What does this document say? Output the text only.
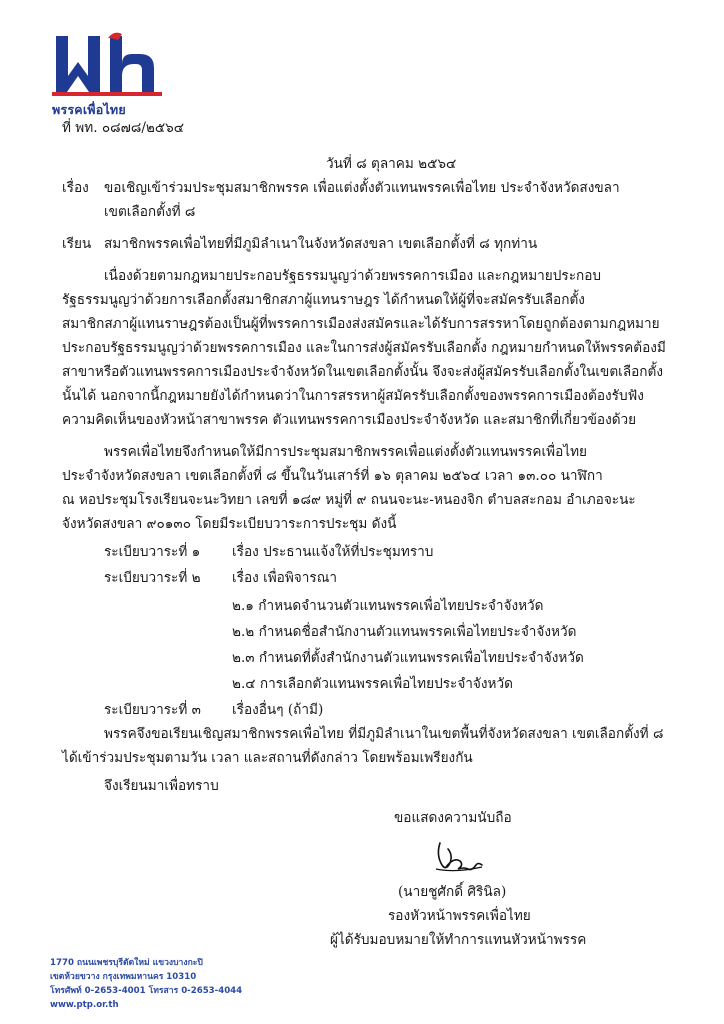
พรรคเพื่อไทย
ที่ พท. ๐๘๗๘/๒๕๖๔
วันที่ ๘ ตุลาคม ๒๕๖๔
เรื่อง ขอเชิญเข้าร่วมประชุมสมาชิกพรรค เพื่อแต่งตั้งตัวแทนพรรคเพื่อไทย ประจำจังหวัดสงขลา
เขตเลือกตั้งที่ ๘
เรียน สมาชิกพรรคเพื่อไทยที่มีภูมิลำเนาในจังหวัดสงขลา เขตเลือกตั้งที่ ๘ ทุกท่าน
เนื่องด้วยตามกฎหมายประกอบรัฐธรรมนูญว่าด้วยพรรคการเมือง และกฎหมายประกอบ
รัฐธรรมนูญว่าด้วยการเลือกตั้งสมาชิกสภาผู้แทนราษฎร ได้กำหนดให้ผู้ที่จะสมัครรับเลือกตั้ง
สมาชิกสภาผู้แทนราษฎรต้องเป็นผู้ที่พรรคการเมืองส่งสมัครและได้รับการสรรหาโดยถูกต้องตามกฎหมาย
ประกอบรัฐธรรมนูญว่าด้วยพรรคการเมือง และในการส่งผู้สมัครรับเลือกตั้ง กฎหมายกำหนดให้พรรคต้องมี
สาขาหรือตัวแทนพรรคการเมืองประจำจังหวัดในเขตเลือกตั้งนั้น จึงจะส่งผู้สมัครรับเลือกตั้งในเขตเลือกตั้ง
นั้นได้ นอกจากนี้กฎหมายยังได้กำหนดว่าในการสรรหาผู้สมัครรับเลือกตั้งของพรรคการเมืองต้องรับฟัง
ความคิดเห็นของหัวหน้าสาขาพรรค ตัวแทนพรรคการเมืองประจำจังหวัด และสมาชิกที่เกี่ยวข้องด้วย
พรรคเพื่อไทยจึงกำหนดให้มีการประชุมสมาชิกพรรคเพื่อแต่งตั้งตัวแทนพรรคเพื่อไทย
ประจำจังหวัดสงขลา เขตเลือกตั้งที่ ๘ ขึ้นในวันเสาร์ที่ ๑๖ ตุลาคม ๒๕๖๔ เวลา ๑๓.๐๐ นาฬิกา
ณ หอประชุมโรงเรียนจะนะวิทยา เลขที่ ๑๘๙ หมู่ที่ ๙ ถนนจะนะ-หนองจิก ตำบลสะกอม อำเภอจะนะ
จังหวัดสงขลา ๙๐๑๓๐ โดยมีระเบียบวาระการประชุม ดังนี้
ระเบียบวาระที่ ๑ เรื่อง ประธานแจ้งให้ที่ประชุมทราบ
ระเบียบวาระที่ ๒ เรื่อง เพื่อพิจารณา
๒.๑ กำหนดจำนวนตัวแทนพรรคเพื่อไทยประจำจังหวัด
๒.๒ กำหนดชื่อสำนักงานตัวแทนพรรคเพื่อไทยประจำจังหวัด
๒.๓ กำหนดที่ตั้งสำนักงานตัวแทนพรรคเพื่อไทยประจำจังหวัด
๒.๔ การเลือกตัวแทนพรรคเพื่อไทยประจำจังหวัด
ระเบียบวาระที่ ๓ เรื่องอื่นๆ (ถ้ามี)
พรรคจึงขอเรียนเชิญสมาชิกพรรคเพื่อไทย ที่มีภูมิลำเนาในเขตพื้นที่จังหวัดสงขลา เขตเลือกตั้งที่ ๘
ได้เข้าร่วมประชุมตามวัน เวลา และสถานที่ดังกล่าว โดยพร้อมเพรียงกัน
จึงเรียนมาเพื่อทราบ
ขอแสดงความนับถือ
(นายชูศักดิ์ ศิรินิล)
รองหัวหน้าพรรคเพื่อไทย
ผู้ได้รับมอบหมายให้ทำการแทนหัวหน้าพรรค
1770 ถนนเพชรบุรีตัดใหม่ แขวงบางกะปิ
เขตห้วยขวาง กรุงเทพมหานคร 10310
โทรศัพท์ 0-2653-4001 โทรสาร 0-2653-4044
www.ptp.or.th
